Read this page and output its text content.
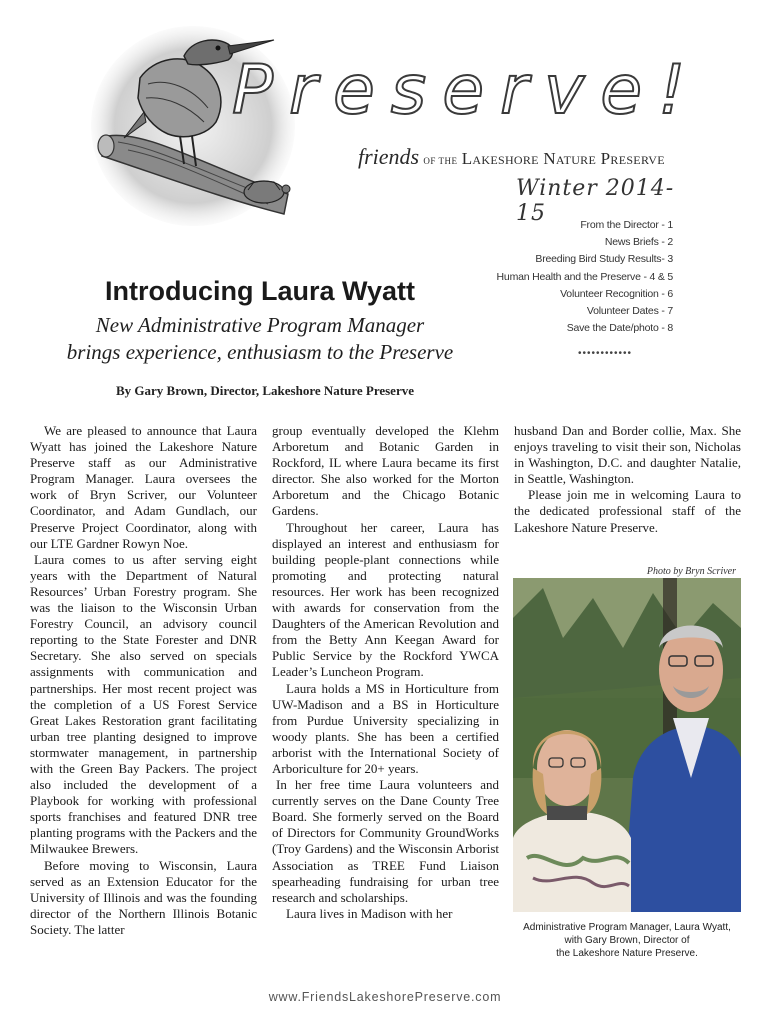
Preserve!
friends OF THE Lakeshore Nature Preserve
Winter 2014-15	From the Director - 1
News Briefs - 2
Breeding Bird Study Results- 3
Human Health and the Preserve - 4 & 5
Volunteer Recognition - 6
Volunteer Dates - 7
Save the Date/photo - 8
••••••••••••
Introducing Laura Wyatt
New Administrative Program Manager
brings experience, enthusiasm to the Preserve
By Gary Brown, Director, Lakeshore Nature Preserve

We are pleased to announce that Laura Wyatt has joined the Lakeshore Nature Preserve staff as our Administrative Program Manager. Laura oversees the work of Bryn Scriver, our Volunteer Coordinator, and Adam Gundlach, our Preserve Project Coordinator, along with our LTE Gardner Rowyn Noe.

Laura comes to us after serving eight years with the Department of Natural Resources’ Urban Forestry program. She was the liaison to the Wisconsin Urban Forestry Council, an advisory council reporting to the State Forester and DNR Secretary. She also served on specials assignments with communication and partnerships. Her most recent project was the completion of a US Forest Service Great Lakes Restoration grant facilitating urban tree planting designed to improve stormwater management, in partnership with the Green Bay Packers. The project also included the development of a Playbook for working with professional sports franchises and featured DNR tree planting programs with the Packers and the Milwaukee Brewers.

Before moving to Wisconsin, Laura served as an Extension Educator for the University of Illinois and was the founding director of the Northern Illinois Botanic Society. The latter

group eventually developed the Klehm Arboretum and Botanic Garden in Rockford, IL where Laura became its first director. She also worked for the Morton Arboretum and the Chicago Botanic Gardens.

Throughout her career, Laura has displayed an interest and enthusiasm for building people-plant connections while promoting and protecting natural resources. Her work has been recognized with awards for conservation from the Daughters of the American Revolution and from the Betty Ann Keegan Award for Public Service by the Rockford YWCA Leader’s Luncheon Program.

Laura holds a MS in Horticulture from UW-Madison and a BS in Horticulture from Purdue University specializing in woody plants. She has been a certified arborist with the International Society of Arboriculture for 20+ years.

In her free time Laura volunteers and currently serves on the Dane County Tree Board. She formerly served on the Board of Directors for Community GroundWorks (Troy Gardens) and the Wisconsin Arborist Association as TREE Fund Liaison spearheading fundraising for urban tree research and scholarships.

Laura lives in Madison with her

husband Dan and Border collie, Max. She enjoys traveling to visit their son, Nicholas in Washington, D.C. and daughter Natalie, in Seattle, Washington.

Please join me in welcoming Laura to the dedicated professional staff of the Lakeshore Nature Preserve.

Photo by Bryn Scriver
Administrative Program Manager, Laura Wyatt,
with Gary Brown, Director of
the Lakeshore Nature Preserve.
www.FriendsLakeshorePreserve.com
